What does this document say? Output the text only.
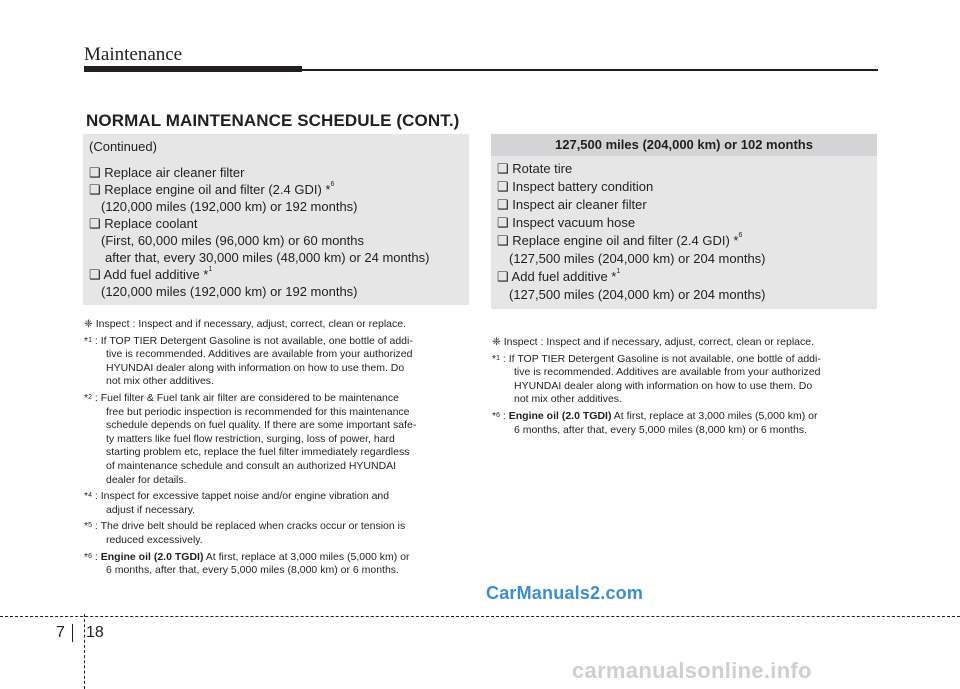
Maintenance
NORMAL MAINTENANCE SCHEDULE (CONT.)
(Continued)
❑ Replace air cleaner filter
❑ Replace engine oil and filter (2.4 GDI) *$^6$
(120,000 miles (192,000 km) or 192 months)
❑ Replace coolant
(First, 60,000 miles (96,000 km) or 60 months
after that, every 30,000 miles (48,000 km) or 24 months)
❑ Add fuel additive *$^1$
(120,000 miles (192,000 km) or 192 months)
127,500 miles (204,000 km) or 102 months
❑ Rotate tire
❑ Inspect battery condition
❑ Inspect air cleaner filter
❑ Inspect vacuum hose
❑ Replace engine oil and filter (2.4 GDI) *$^6$
(127,500 miles (204,000 km) or 204 months)
❑ Add fuel additive *$^1$
(127,500 miles (204,000 km) or 204 months)
❈ Inspect : Inspect and if necessary, adjust, correct, clean or replace.
*$^1$ : If TOP TIER Detergent Gasoline is not available, one bottle of addi-
tive is recommended. Additives are available from your authorized
HYUNDAI dealer along with information on how to use them. Do
not mix other additives.
*$^2$ : Fuel filter & Fuel tank air filter are considered to be maintenance
free but periodic inspection is recommended for this maintenance
schedule depends on fuel quality. If there are some important safe-
ty matters like fuel flow restriction, surging, loss of power, hard
starting problem etc, replace the fuel filter immediately regardless
of maintenance schedule and consult an authorized HYUNDAI
dealer for details.
*$^4$ : Inspect for excessive tappet noise and/or engine vibration and
adjust if necessary.
*$^5$ : The drive belt should be replaced when cracks occur or tension is
reduced excessively.
*$^6$ : Engine oil (2.0 TGDI) At first, replace at 3,000 miles (5,000 km) or
6 months, after that, every 5,000 miles (8,000 km) or 6 months.
❈ Inspect : Inspect and if necessary, adjust, correct, clean or replace.
*$^1$ : If TOP TIER Detergent Gasoline is not available, one bottle of addi-
tive is recommended. Additives are available from your authorized
HYUNDAI dealer along with information on how to use them. Do
not mix other additives.
*$^6$ : Engine oil (2.0 TGDI) At first, replace at 3,000 miles (5,000 km) or
6 months, after that, every 5,000 miles (8,000 km) or 6 months.
CarManuals2.com
7 18
carmanualsonline.info
